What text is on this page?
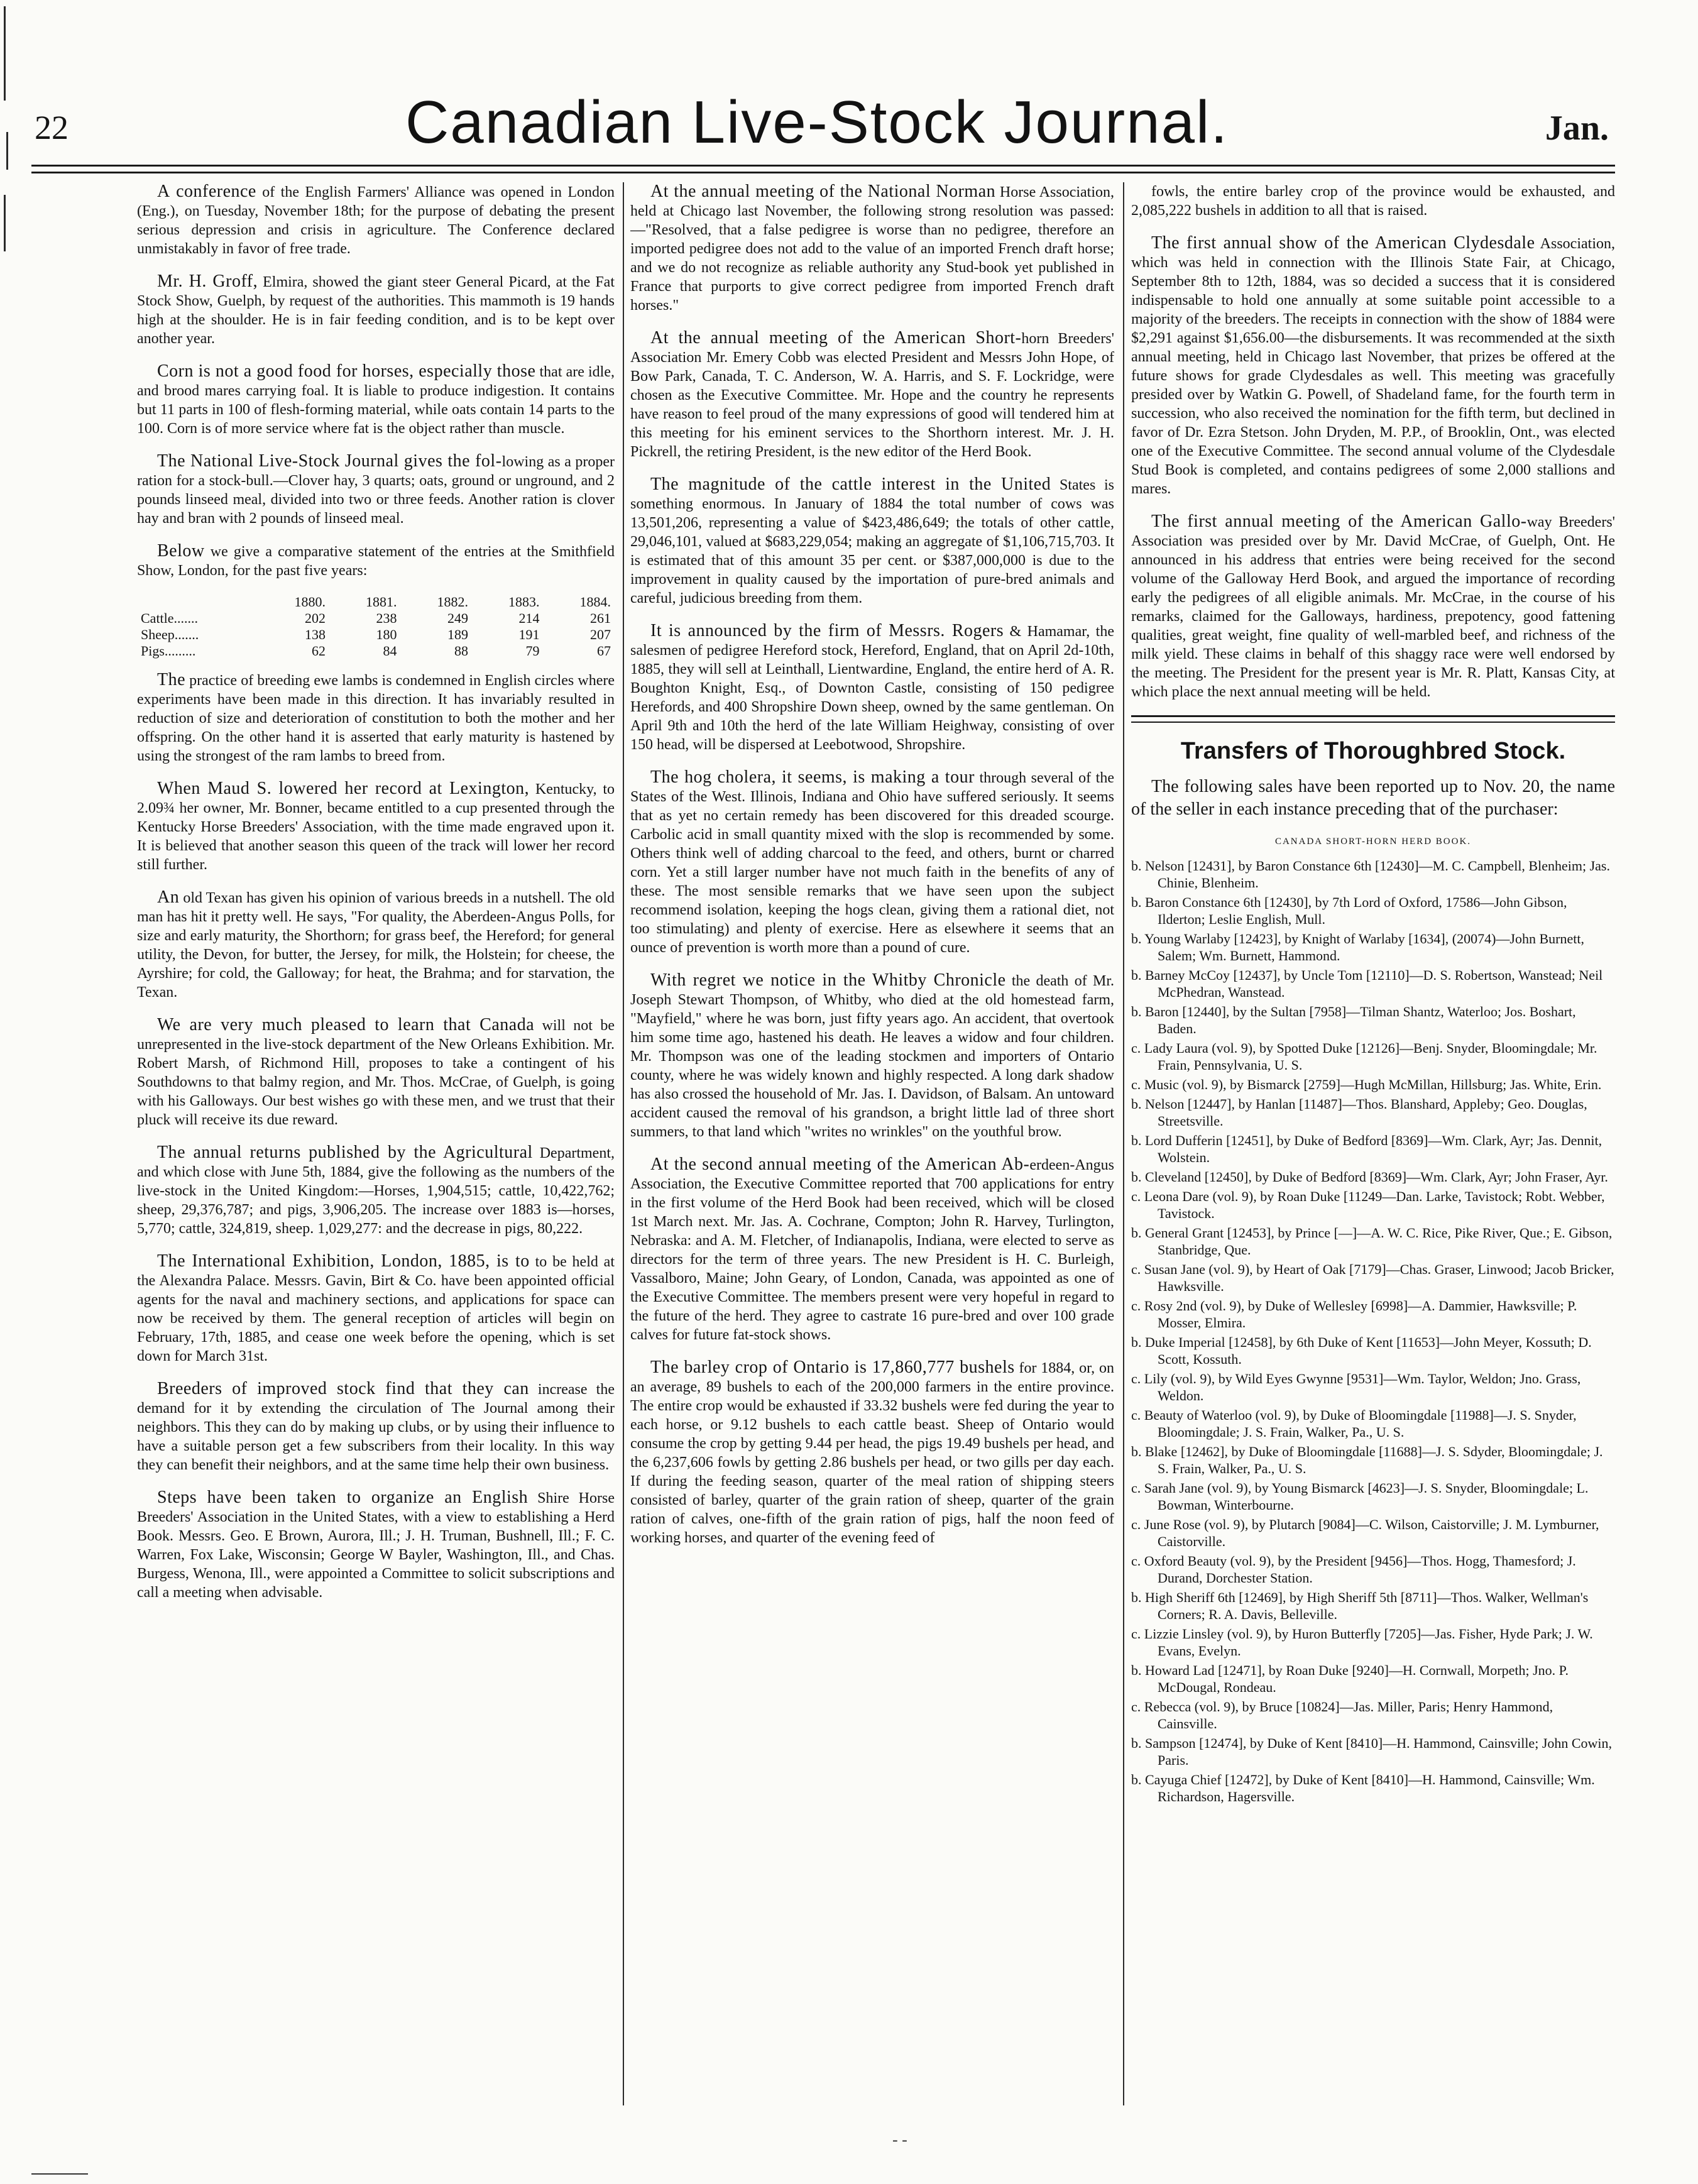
22	Canadian Live-Stock Journal.	Jan.

A conference of the English Farmers' Alliance was opened in London (Eng.), on Tuesday, November 18th; for the purpose of debating the present serious depression and crisis in agriculture. The Conference declared unmistakably in favor of free trade.

Mr. H. Groff, Elmira, showed the giant steer General Picard, at the Fat Stock Show, Guelph, by request of the authorities. This mammoth is 19 hands high at the shoulder. He is in fair feeding condition, and is to be kept over another year.

Corn is not a good food for horses, especially those that are idle, and brood mares carrying foal. It is liable to produce indigestion. It contains but 11 parts in 100 of flesh-forming material, while oats contain 14 parts to the 100. Corn is of more service where fat is the object rather than muscle.

The National Live-Stock Journal gives the fol-lowing as a proper ration for a stock-bull.—Clover hay, 3 quarts; oats, ground or unground, and 2 pounds linseed meal, divided into two or three feeds. Another ration is clover hay and bran with 2 pounds of linseed meal.

Below we give a comparative statement of the entries at the Smithfield Show, London, for the past five years:

	1880.	1881.	1882.	1883.	1884.
Cattle.......	202	238	249	214	261
Sheep.......	138	180	189	191	207
Pigs.........	62	84	88	79	67

The practice of breeding ewe lambs is condemned in English circles where experiments have been made in this direction. It has invariably resulted in reduction of size and deterioration of constitution to both the mother and her offspring. On the other hand it is asserted that early maturity is hastened by using the strongest of the ram lambs to breed from.

When Maud S. lowered her record at Lexington, Kentucky, to 2.09¾ her owner, Mr. Bonner, became entitled to a cup presented through the Kentucky Horse Breeders' Association, with the time made engraved upon it. It is believed that another season this queen of the track will lower her record still further.

An old Texan has given his opinion of various breeds in a nutshell. The old man has hit it pretty well. He says, "For quality, the Aberdeen-Angus Polls, for size and early maturity, the Shorthorn; for grass beef, the Hereford; for general utility, the Devon, for butter, the Jersey, for milk, the Holstein; for cheese, the Ayrshire; for cold, the Galloway; for heat, the Brahma; and for starvation, the Texan.

We are very much pleased to learn that Canada will not be unrepresented in the live-stock department of the New Orleans Exhibition. Mr. Robert Marsh, of Richmond Hill, proposes to take a contingent of his Southdowns to that balmy region, and Mr. Thos. McCrae, of Guelph, is going with his Galloways. Our best wishes go with these men, and we trust that their pluck will receive its due reward.

The annual returns published by the Agricultural Department, and which close with June 5th, 1884, give the following as the numbers of the live-stock in the United Kingdom:—Horses, 1,904,515; cattle, 10,422,762; sheep, 29,376,787; and pigs, 3,906,205. The increase over 1883 is—horses, 5,770; cattle, 324,819, sheep. 1,029,277: and the decrease in pigs, 80,222.

The International Exhibition, London, 1885, is to to be held at the Alexandra Palace. Messrs. Gavin, Birt & Co. have been appointed official agents for the naval and machinery sections, and applications for space can now be received by them. The general reception of articles will begin on February, 17th, 1885, and cease one week before the opening, which is set down for March 31st.

Breeders of improved stock find that they can increase the demand for it by extending the circulation of The Journal among their neighbors. This they can do by making up clubs, or by using their influence to have a suitable person get a few subscribers from their locality. In this way they can benefit their neighbors, and at the same time help their own business.

Steps have been taken to organize an English Shire Horse Breeders' Association in the United States, with a view to establishing a Herd Book. Messrs. Geo. E Brown, Aurora, Ill.; J. H. Truman, Bushnell, Ill.; F. C. Warren, Fox Lake, Wisconsin; George W Bayler, Washington, Ill., and Chas. Burgess, Wenona, Ill., were appointed a Committee to solicit subscriptions and call a meeting when advisable.

At the annual meeting of the National Norman Horse Association, held at Chicago last November, the following strong resolution was passed:—"Resolved, that a false pedigree is worse than no pedigree, therefore an imported pedigree does not add to the value of an imported French draft horse; and we do not recognize as reliable authority any Stud-book yet published in France that purports to give correct pedigree from imported French draft horses."

At the annual meeting of the American Short-horn Breeders' Association Mr. Emery Cobb was elected President and Messrs John Hope, of Bow Park, Canada, T. C. Anderson, W. A. Harris, and S. F. Lockridge, were chosen as the Executive Committee. Mr. Hope and the country he represents have reason to feel proud of the many expressions of good will tendered him at this meeting for his eminent services to the Shorthorn interest. Mr. J. H. Pickrell, the retiring President, is the new editor of the Herd Book.

The magnitude of the cattle interest in the United States is something enormous. In January of 1884 the total number of cows was 13,501,206, representing a value of $423,486,649; the totals of other cattle, 29,046,101, valued at $683,229,054; making an aggregate of $1,106,715,703. It is estimated that of this amount 35 per cent. or $387,000,000 is due to the improvement in quality caused by the importation of pure-bred animals and careful, judicious breeding from them.

It is announced by the firm of Messrs. Rogers & Hamamar, the salesmen of pedigree Hereford stock, Hereford, England, that on April 2d-10th, 1885, they will sell at Leinthall, Lientwardine, England, the entire herd of A. R. Boughton Knight, Esq., of Downton Castle, consisting of 150 pedigree Herefords, and 400 Shropshire Down sheep, owned by the same gentleman. On April 9th and 10th the herd of the late William Heighway, consisting of over 150 head, will be dispersed at Leebotwood, Shropshire.

The hog cholera, it seems, is making a tour through several of the States of the West. Illinois, Indiana and Ohio have suffered seriously. It seems that as yet no certain remedy has been discovered for this dreaded scourge. Carbolic acid in small quantity mixed with the slop is recommended by some. Others think well of adding charcoal to the feed, and others, burnt or charred corn. Yet a still larger number have not much faith in the benefits of any of these. The most sensible remarks that we have seen upon the subject recommend isolation, keeping the hogs clean, giving them a rational diet, not too stimulating) and plenty of exercise. Here as elsewhere it seems that an ounce of prevention is worth more than a pound of cure.

With regret we notice in the Whitby Chronicle the death of Mr. Joseph Stewart Thompson, of Whitby, who died at the old homestead farm, "Mayfield," where he was born, just fifty years ago. An accident, that overtook him some time ago, hastened his death. He leaves a widow and four children. Mr. Thompson was one of the leading stockmen and importers of Ontario county, where he was widely known and highly respected. A long dark shadow has also crossed the household of Mr. Jas. I. Davidson, of Balsam. An untoward accident caused the removal of his grandson, a bright little lad of three short summers, to that land which "writes no wrinkles" on the youthful brow.

At the second annual meeting of the American Ab-erdeen-Angus Association, the Executive Committee reported that 700 applications for entry in the first volume of the Herd Book had been received, which will be closed 1st March next. Mr. Jas. A. Cochrane, Compton; John R. Harvey, Turlington, Nebraska: and A. M. Fletcher, of Indianapolis, Indiana, were elected to serve as directors for the term of three years. The new President is H. C. Burleigh, Vassalboro, Maine; John Geary, of London, Canada, was appointed as one of the Executive Committee. The members present were very hopeful in regard to the future of the herd. They agree to castrate 16 pure-bred and over 100 grade calves for future fat-stock shows.

The barley crop of Ontario is 17,860,777 bushels for 1884, or, on an average, 89 bushels to each of the 200,000 farmers in the entire province. The entire crop would be exhausted if 33.32 bushels were fed during the year to each horse, or 9.12 bushels to each cattle beast. Sheep of Ontario would consume the crop by getting 9.44 per head, the pigs 19.49 bushels per head, and the 6,237,606 fowls by getting 2.86 bushels per head, or two gills per day each. If during the feeding season, quarter of the meal ration of shipping steers consisted of barley, quarter of the grain ration of sheep, quarter of the grain ration of calves, one-fifth of the grain ration of pigs, half the noon feed of working horses, and quarter of the evening feed of

fowls, the entire barley crop of the province would be exhausted, and 2,085,222 bushels in addition to all that is raised.

The first annual show of the American Clydesdale Association, which was held in connection with the Illinois State Fair, at Chicago, September 8th to 12th, 1884, was so decided a success that it is considered indispensable to hold one annually at some suitable point accessible to a majority of the breeders. The receipts in connection with the show of 1884 were $2,291 against $1,656.00—the disbursements. It was recommended at the sixth annual meeting, held in Chicago last November, that prizes be offered at the future shows for grade Clydesdales as well. This meeting was gracefully presided over by Watkin G. Powell, of Shadeland fame, for the fourth term in succession, who also received the nomination for the fifth term, but declined in favor of Dr. Ezra Stetson. John Dryden, M. P.P., of Brooklin, Ont., was elected one of the Executive Committee. The second annual volume of the Clydesdale Stud Book is completed, and contains pedigrees of some 2,000 stallions and mares.

The first annual meeting of the American Gallo-way Breeders' Association was presided over by Mr. David McCrae, of Guelph, Ont. He announced in his address that entries were being received for the second volume of the Galloway Herd Book, and argued the importance of recording early the pedigrees of all eligible animals. Mr. McCrae, in the course of his remarks, claimed for the Galloways, hardiness, prepotency, good fattening qualities, great weight, fine quality of well-marbled beef, and richness of the milk yield. These claims in behalf of this shaggy race were well endorsed by the meeting. The President for the present year is Mr. R. Platt, Kansas City, at which place the next annual meeting will be held.

Transfers of Thoroughbred Stock.

The following sales have been reported up to Nov. 20, the name of the seller in each instance preceding that of the purchaser:

CANADA SHORT-HORN HERD BOOK.
b. Nelson [12431], by Baron Constance 6th [12430]—M. C. Campbell, Blenheim; Jas. Chinie, Blenheim.
b. Baron Constance 6th [12430], by 7th Lord of Oxford, 17586—John Gibson, Ilderton; Leslie English, Mull.
b. Young Warlaby [12423], by Knight of Warlaby [1634], (20074)—John Burnett, Salem; Wm. Burnett, Hammond.
b. Barney McCoy [12437], by Uncle Tom [12110]—D. S. Robertson, Wanstead; Neil McPhedran, Wanstead.
b. Baron [12440], by the Sultan [7958]—Tilman Shantz, Waterloo; Jos. Boshart, Baden.
c. Lady Laura (vol. 9), by Spotted Duke [12126]—Benj. Snyder, Bloomingdale; Mr. Frain, Pennsylvania, U. S.
c. Music (vol. 9), by Bismarck [2759]—Hugh McMillan, Hillsburg; Jas. White, Erin.
b. Nelson [12447], by Hanlan [11487]—Thos. Blanshard, Appleby; Geo. Douglas, Streetsville.
b. Lord Dufferin [12451], by Duke of Bedford [8369]—Wm. Clark, Ayr; Jas. Dennit, Wolstein.
b. Cleveland [12450], by Duke of Bedford [8369]—Wm. Clark, Ayr; John Fraser, Ayr.
c. Leona Dare (vol. 9), by Roan Duke [11249—Dan. Larke, Tavistock; Robt. Webber, Tavistock.
b. General Grant [12453], by Prince [—]—A. W. C. Rice, Pike River, Que.; E. Gibson, Stanbridge, Que.
c. Susan Jane (vol. 9), by Heart of Oak [7179]—Chas. Graser, Linwood; Jacob Bricker, Hawksville.
c. Rosy 2nd (vol. 9), by Duke of Wellesley [6998]—A. Dammier, Hawksville; P. Mosser, Elmira.
b. Duke Imperial [12458], by 6th Duke of Kent [11653]—John Meyer, Kossuth; D. Scott, Kossuth.
c. Lily (vol. 9), by Wild Eyes Gwynne [9531]—Wm. Taylor, Weldon; Jno. Grass, Weldon.
c. Beauty of Waterloo (vol. 9), by Duke of Bloomingdale [11988]—J. S. Snyder, Bloomingdale; J. S. Frain, Walker, Pa., U. S.
b. Blake [12462], by Duke of Bloomingdale [11688]—J. S. Sdyder, Bloomingdale; J. S. Frain, Walker, Pa., U. S.
c. Sarah Jane (vol. 9), by Young Bismarck [4623]—J. S. Snyder, Bloomingdale; L. Bowman, Winterbourne.
c. June Rose (vol. 9), by Plutarch [9084]—C. Wilson, Caistorville; J. M. Lymburner, Caistorville.
c. Oxford Beauty (vol. 9), by the President [9456]—Thos. Hogg, Thamesford; J. Durand, Dorchester Station.
b. High Sheriff 6th [12469], by High Sheriff 5th [8711]—Thos. Walker, Wellman's Corners; R. A. Davis, Belleville.
c. Lizzie Linsley (vol. 9), by Huron Butterfly [7205]—Jas. Fisher, Hyde Park; J. W. Evans, Evelyn.
b. Howard Lad [12471], by Roan Duke [9240]—H. Cornwall, Morpeth; Jno. P. McDougal, Rondeau.
c. Rebecca (vol. 9), by Bruce [10824]—Jas. Miller, Paris; Henry Hammond, Cainsville.
b. Sampson [12474], by Duke of Kent [8410]—H. Hammond, Cainsville; John Cowin, Paris.
b. Cayuga Chief [12472], by Duke of Kent [8410]—H. Hammond, Cainsville; Wm. Richardson, Hagersville.
- -
